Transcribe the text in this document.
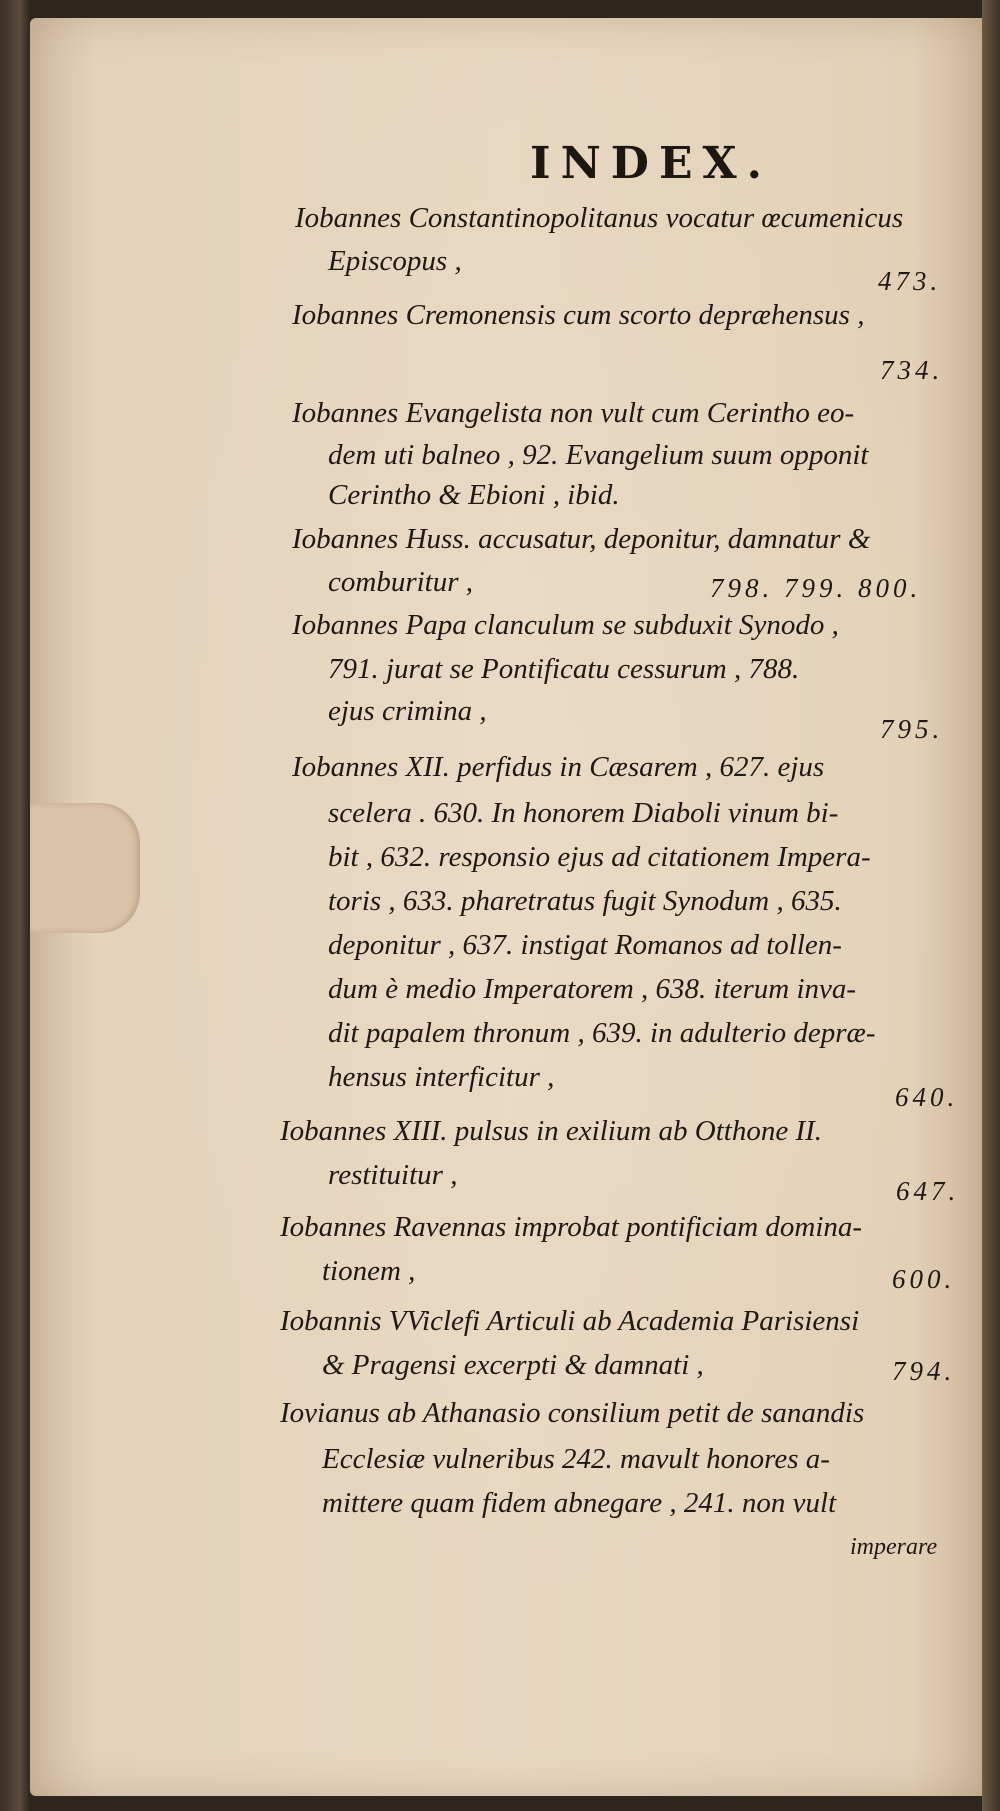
INDEX.
Iobannes Constantinopolitanus vocatur œcumenicus
Episcopus ,
473.
Iobannes Cremonensis cum scorto depræhensus ,
734.
Iobannes Evangelista non vult cum Cerintho eo-
dem uti balneo , 92. Evangelium suum opponit
Cerintho & Ebioni , ibid.
Iobannes Huss. accusatur, deponitur, damnatur &
comburitur ,	798. 799. 800.
Iobannes Papa clanculum se subduxit Synodo ,
791. jurat se Pontificatu cessurum , 788.
ejus crimina ,
795.
Iobannes XII. perfidus in Cæsarem , 627. ejus
scelera . 630. In honorem Diaboli vinum bi-
bit , 632. responsio ejus ad citationem Impera-
toris , 633. pharetratus fugit Synodum , 635.
deponitur , 637. instigat Romanos ad tollen-
dum è medio Imperatorem , 638. iterum inva-
dit papalem thronum , 639. in adulterio depræ-
hensus interficitur ,
640.
Iobannes XIII. pulsus in exilium ab Otthone II.
restituitur ,	647.
Iobannes Ravennas improbat pontificiam domina-
tionem ,	600.
Iobannis VViclefi Articuli ab Academia Parisiensi
& Pragensi excerpti & damnati ,	794.
Iovianus ab Athanasio consilium petit de sanandis
Ecclesiæ vulneribus 242. mavult honores a-
mittere quam fidem abnegare , 241. non vult
imperare
